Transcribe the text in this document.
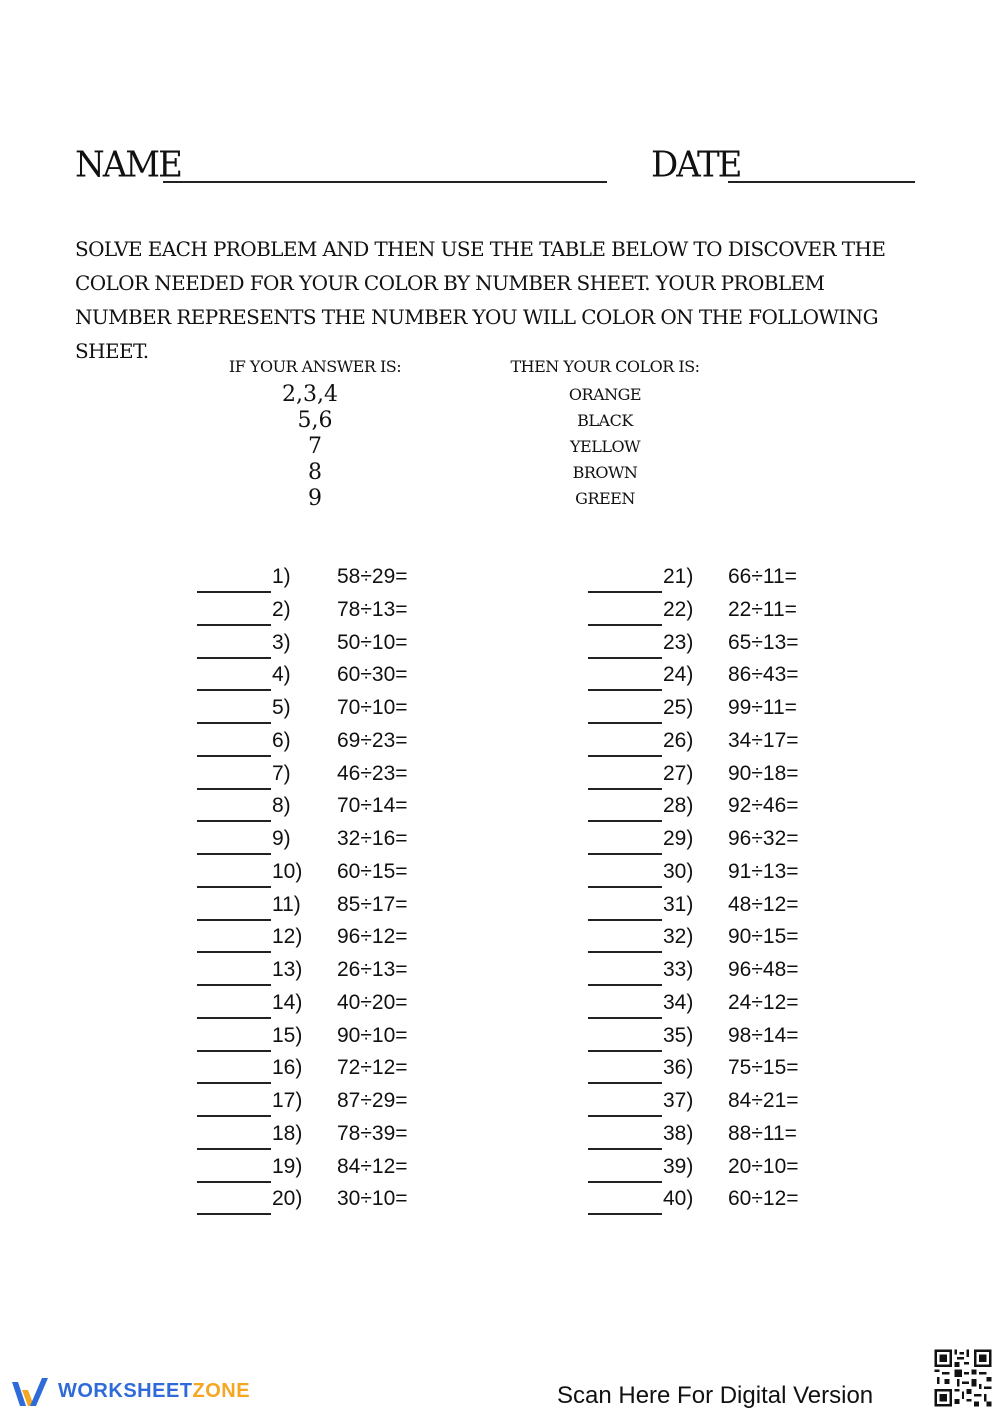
NAME	DATE
SOLVE EACH PROBLEM AND THEN USE THE TABLE BELOW TO DISCOVER THE COLOR NEEDED FOR YOUR COLOR BY NUMBER SHEET. YOUR PROBLEM NUMBER REPRESENTS THE NUMBER YOU WILL COLOR ON THE FOLLOWING SHEET.
IF YOUR ANSWER IS:
2,3,4
5,6
7
8
9
THEN YOUR COLOR IS:
ORANGE
BLACK
YELLOW
BROWN
GREEN
1) 58÷29=
2) 78÷13=
3) 50÷10=
4) 60÷30=
5) 70÷10=
6) 69÷23=
7) 46÷23=
8) 70÷14=
9) 32÷16=
10) 60÷15=
11) 85÷17=
12) 96÷12=
13) 26÷13=
14) 40÷20=
15) 90÷10=
16) 72÷12=
17) 87÷29=
18) 78÷39=
19) 84÷12=
20) 30÷10=
21) 66÷11=
22) 22÷11=
23) 65÷13=
24) 86÷43=
25) 99÷11=
26) 34÷17=
27) 90÷18=
28) 92÷46=
29) 96÷32=
30) 91÷13=
31) 48÷12=
32) 90÷15=
33) 96÷48=
34) 24÷12=
35) 98÷14=
36) 75÷15=
37) 84÷21=
38) 88÷11=
39) 20÷10=
40) 60÷12=
WORKSHEETZONE	Scan Here For Digital Version
